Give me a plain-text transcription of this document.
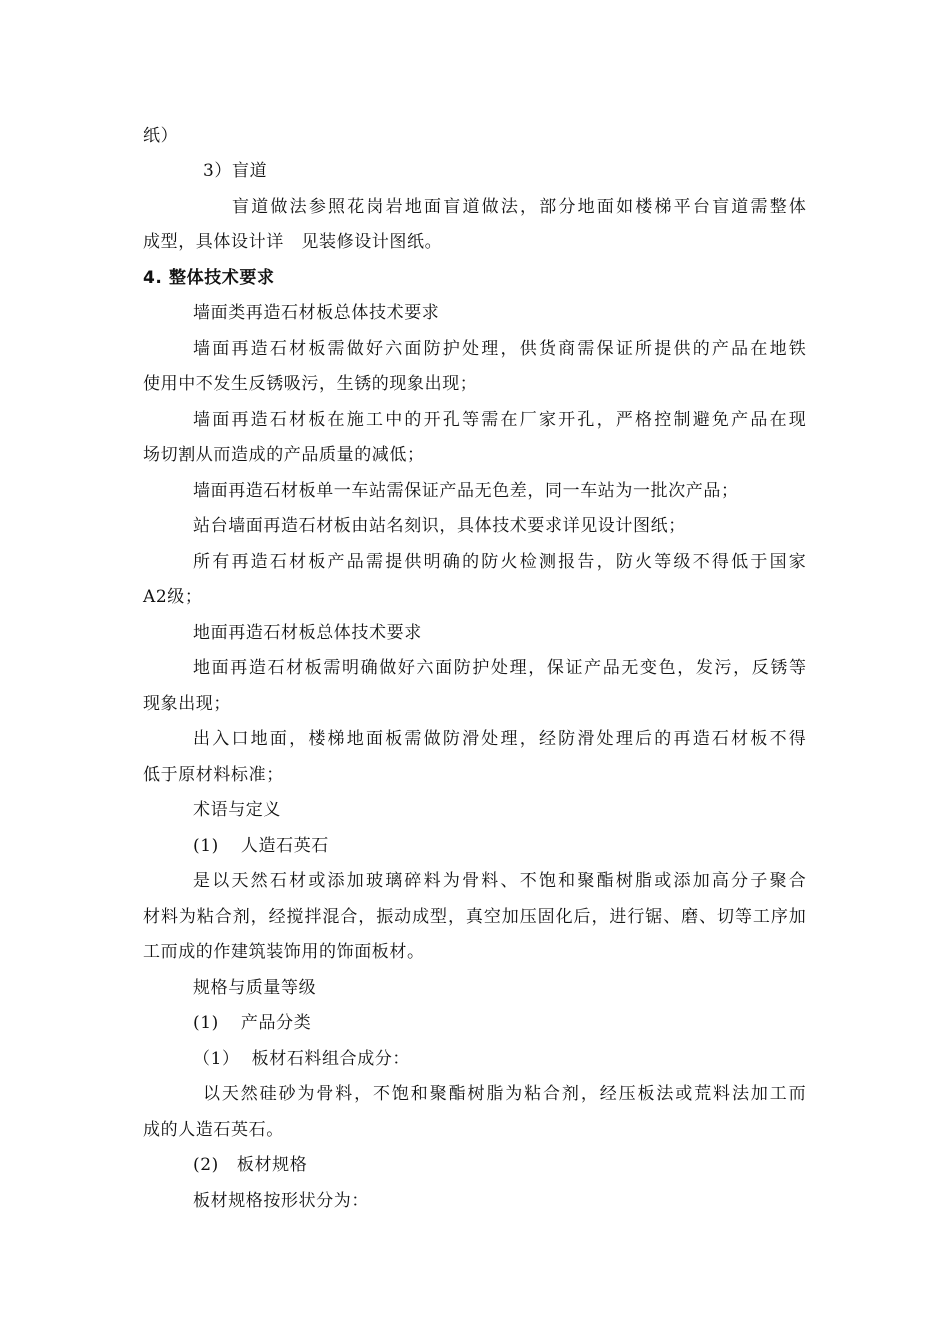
纸）
3）盲道
盲 道 做 法 参 照 花 岗 岩 地 面 盲 道 做 法 ， 部 分 地 面 如 楼 梯 平 台 盲 道 需 整 体
成型，具体设计详　见装修设计图纸。
4. 整体技术要求
墙面类再造石材板总体技术要求
墙 面 再 造 石 材 板 需 做 好 六 面 防 护 处 理 ， 供 货 商 需 保 证 所 提 供 的 产 品 在 地 铁
使用中不发生反锈吸污，生锈的现象出现；
墙 面 再 造 石 材 板 在 施 工 中 的 开 孔 等 需 在 厂 家 开 孔 ， 严 格 控 制 避 免 产 品 在 现
场切割从而造成的产品质量的减低；
墙面再造石材板单一车站需保证产品无色差，同一车站为一批次产品；
站台墙面再造石材板由站名刻识，具体技术要求详见设计图纸；
所 有 再 造 石 材 板 产 品 需 提 供 明 确 的 防 火 检 测 报 告 ， 防 火 等 级 不 得 低 于 国 家
A2级；
地面再造石材板总体技术要求
地 面 再 造 石 材 板 需 明 确 做 好 六 面 防 护 处 理 ， 保 证 产 品 无 变 色 ， 发 污 ， 反 锈 等
现象出现；
出 入 口 地 面 ， 楼 梯 地 面 板 需 做 防 滑 处 理 ， 经 防 滑 处 理 后 的 再 造 石 材 板 不 得
低于原材料标准；
术语与定义
(1) 人造石英石
是 以 天 然 石 材 或 添 加 玻 璃 碎 料 为 骨 料 、 不 饱 和 聚 酯 树 脂 或 添 加 高 分 子 聚 合
材 料 为 粘 合 剂 ， 经 搅 拌 混 合 ， 振 动 成 型 ， 真 空 加 压 固 化 后 ， 进 行 锯 、 磨 、 切 等 工 序 加
工而成的作建筑装饰用的饰面板材。
规格与质量等级
(1) 产品分类
（1） 板材石料组合成分：
以 天 然 硅 砂 为 骨 料 ， 不 饱 和 聚 酯 树 脂 为 粘 合 剂 ， 经 压 板 法 或 荒 料 法 加 工 而
成的人造石英石。
(2) 板材规格
板材规格按形状分为：
